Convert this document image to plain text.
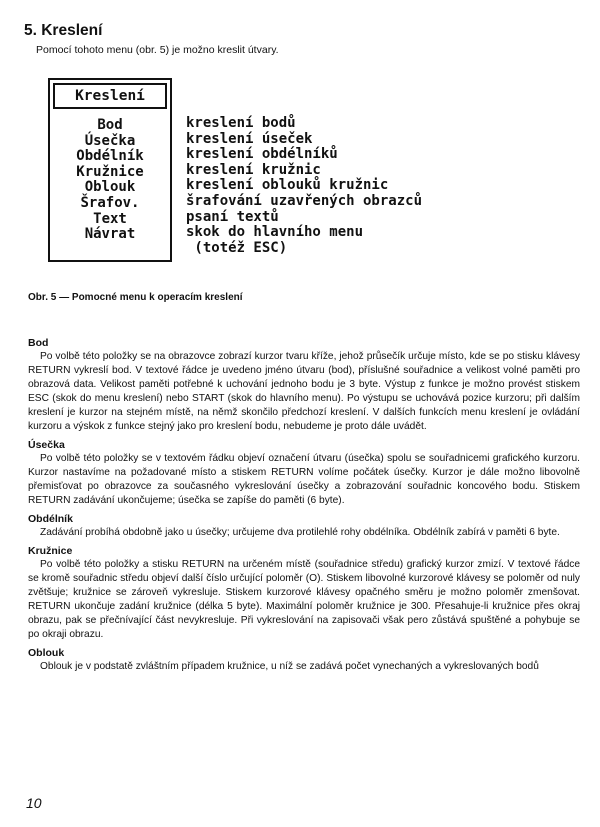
5. Kreslení
Pomocí tohoto menu (obr. 5) je možno kreslit útvary.
Kreslení
Bod
Úsečka
Obdélník
Kružnice
Oblouk
Šrafov.
Text
Návrat
kreslení bodů
kreslení úseček
kreslení obdélníků
kreslení kružnic
kreslení oblouků kružnic
šrafování uzavřených obrazců
psaní textů
skok do hlavního menu
(totéž ESC)
Obr. 5 — Pomocné menu k operacím kreslení
Bod
Po volbě této položky se na obrazovce zobrazí kurzor tvaru kříže, jehož průsečík určuje místo, kde se po stisku klávesy RETURN vykreslí bod. V textové řádce je uvedeno jméno útvaru (bod), příslušné souřadnice a velikost volné paměti pro obrazová data. Velikost paměti potřebné k uchování jednoho bodu je 3 byte. Výstup z funkce je možno provést stiskem ESC (skok do menu kreslení) nebo START (skok do hlavního menu). Po výstupu se uchovává pozice kurzoru; při dalším kreslení je kurzor na stejném místě, na němž skončilo předchozí kreslení. V dalších funkcích menu kreslení je ovládání kurzoru a výskok z funkce stejný jako pro kreslení bodu, nebudeme je proto dále uvádět.
Úsečka
Po volbě této položky se v textovém řádku objeví označení útvaru (úsečka) spolu se souřadnicemi grafického kurzoru. Kurzor nastavíme na požadované místo a stiskem RETURN volíme počátek úsečky. Kurzor je dále možno libovolně přemisťovat po obrazovce za současného vykreslování úsečky a zobrazování souřadnic koncového bodu. Stiskem RETURN zadávání ukončujeme; úsečka se zapíše do paměti (6 byte).
Obdélník
Zadávání probíhá obdobně jako u úsečky; určujeme dva protilehlé rohy obdélníka. Obdélník zabírá v paměti 6 byte.
Kružnice
Po volbě této položky a stisku RETURN na určeném místě (souřadnice středu) grafický kurzor zmizí. V textové řádce se kromě souřadnic středu objeví další číslo určující poloměr (O). Stiskem libovolné kurzorové klávesy se poloměr od nuly zvětšuje; kružnice se zároveň vykresluje. Stiskem kurzorové klávesy opačného směru je možno poloměr zmenšovat. RETURN ukončuje zadání kružnice (délka 5 byte). Maximální poloměr kružnice je 300. Přesahuje-li kružnice přes okraj obrazu, pak se přečnívající část nevykresluje. Při vykreslování na zapisovači však pero zůstává spuštěné a pohybuje se po okraji obrazu.
Oblouk
Oblouk je v podstatě zvláštním případem kružnice, u níž se zadává počet vynechaných a vykreslovaných bodů
10
